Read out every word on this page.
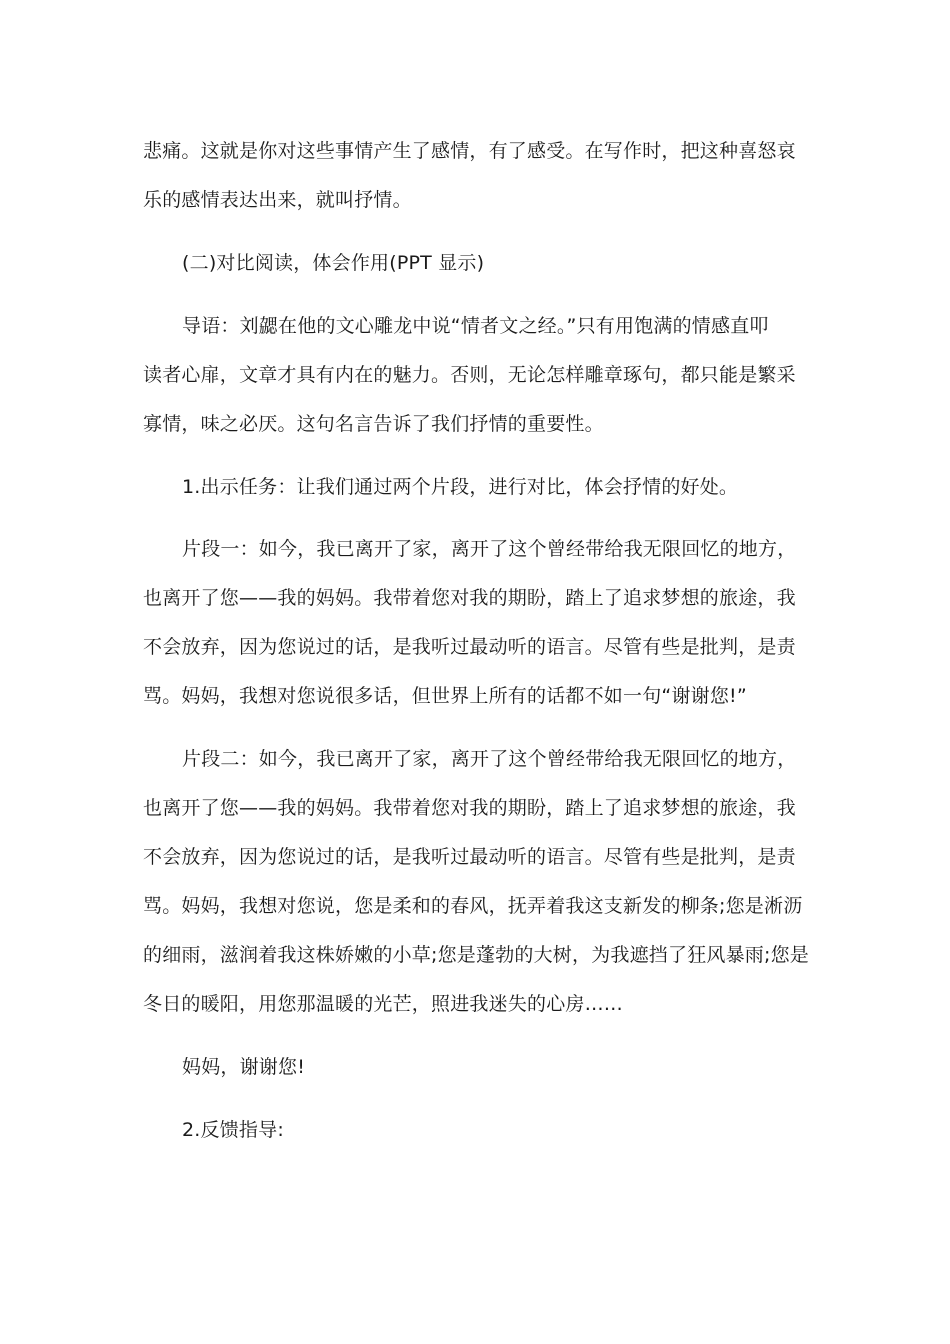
悲痛。这就是你对这些事情产生了感情，有了感受。在写作时，把这种喜怒哀
乐的感情表达出来，就叫抒情。
(二)对比阅读，体会作用(PPT 显示)
导语：刘勰在他的文心雕龙中说“情者文之经。”只有用饱满的情感直叩
读者心扉，文章才具有内在的魅力。否则，无论怎样雕章琢句，都只能是繁采
寡情，味之必厌。这句名言告诉了我们抒情的重要性。
1.出示任务：让我们通过两个片段，进行对比，体会抒情的好处。
片段一：如今，我已离开了家，离开了这个曾经带给我无限回忆的地方，
也离开了您——我的妈妈。我带着您对我的期盼，踏上了追求梦想的旅途，我
不会放弃，因为您说过的话，是我听过最动听的语言。尽管有些是批判，是责
骂。妈妈，我想对您说很多话，但世界上所有的话都不如一句“谢谢您!”
片段二：如今，我已离开了家，离开了这个曾经带给我无限回忆的地方，
也离开了您——我的妈妈。我带着您对我的期盼，踏上了追求梦想的旅途，我
不会放弃，因为您说过的话，是我听过最动听的语言。尽管有些是批判，是责
骂。妈妈，我想对您说，您是柔和的春风，抚弄着我这支新发的柳条;您是淅沥
的细雨，滋润着我这株娇嫩的小草;您是蓬勃的大树，为我遮挡了狂风暴雨;您是
冬日的暖阳，用您那温暖的光芒，照进我迷失的心房……
妈妈，谢谢您!
2.反馈指导:
